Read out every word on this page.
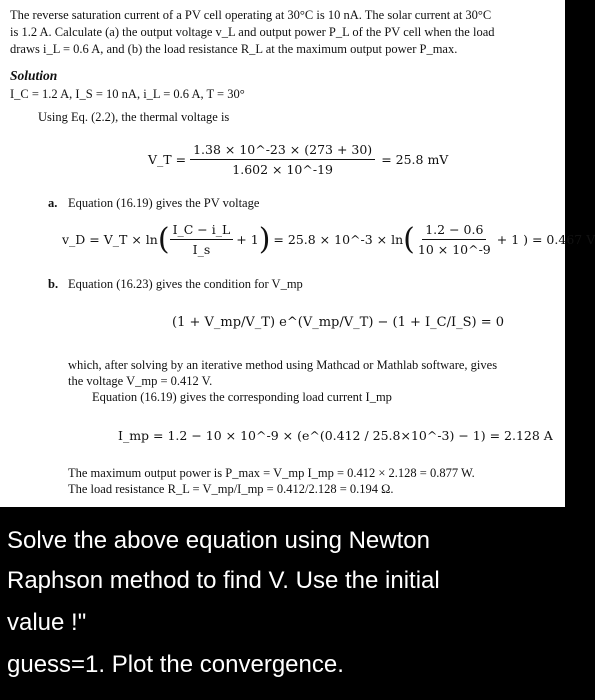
The reverse saturation current of a PV cell operating at 30°C is 10 nA. The solar current at 30°C
is 1.2 A. Calculate (a) the output voltage v_L and output power P_L of the PV cell when the load
draws i_L = 0.6 A, and (b) the load resistance R_L at the maximum output power P_max.
Solution
I_C = 1.2 A, I_S = 10 nA, i_L = 0.6 A, T = 30°
Using Eq. (2.2), the thermal voltage is
V_T = $\frac{1.38 \times 10\^{}-23 \times (273 + 30)}{1.602 \times 10\^{}-19} = 25.8$ mV
a. Equation (16.19) gives the PV voltage
v_D = V_T × ln ( $\frac{I\_C - i\_L}{I\_s} + 1$ ) = 25.8 × 10^-3 × ln ( $\frac{1.2 - 0.6}{10 \times 10\^{}-9} + 1$ ) = 0.467 V
b. Equation (16.23) gives the condition for V_mp
(1 + V_mp/V_T) e^(V_mp/V_T) − (1 + I_C/I_S) = 0
which, after solving by an iterative method using Mathcad or Mathlab software, gives
the voltage V_mp = 0.412 V.
Equation (16.19) gives the corresponding load current I_mp
I_mp = 1.2 − 10 × 10^-9 × (e^(0.412 / 25.8×10^-3) − 1) = 2.128 A
The maximum output power is P_max = V_mp I_mp = 0.412 × 2.128 = 0.877 W.
The load resistance R_L = V_mp/I_mp = 0.412/2.128 = 0.194 Ω.
Solve the above equation using Newton
Raphson method to find V. Use the initial
value !"
guess=1. Plot the convergence.
